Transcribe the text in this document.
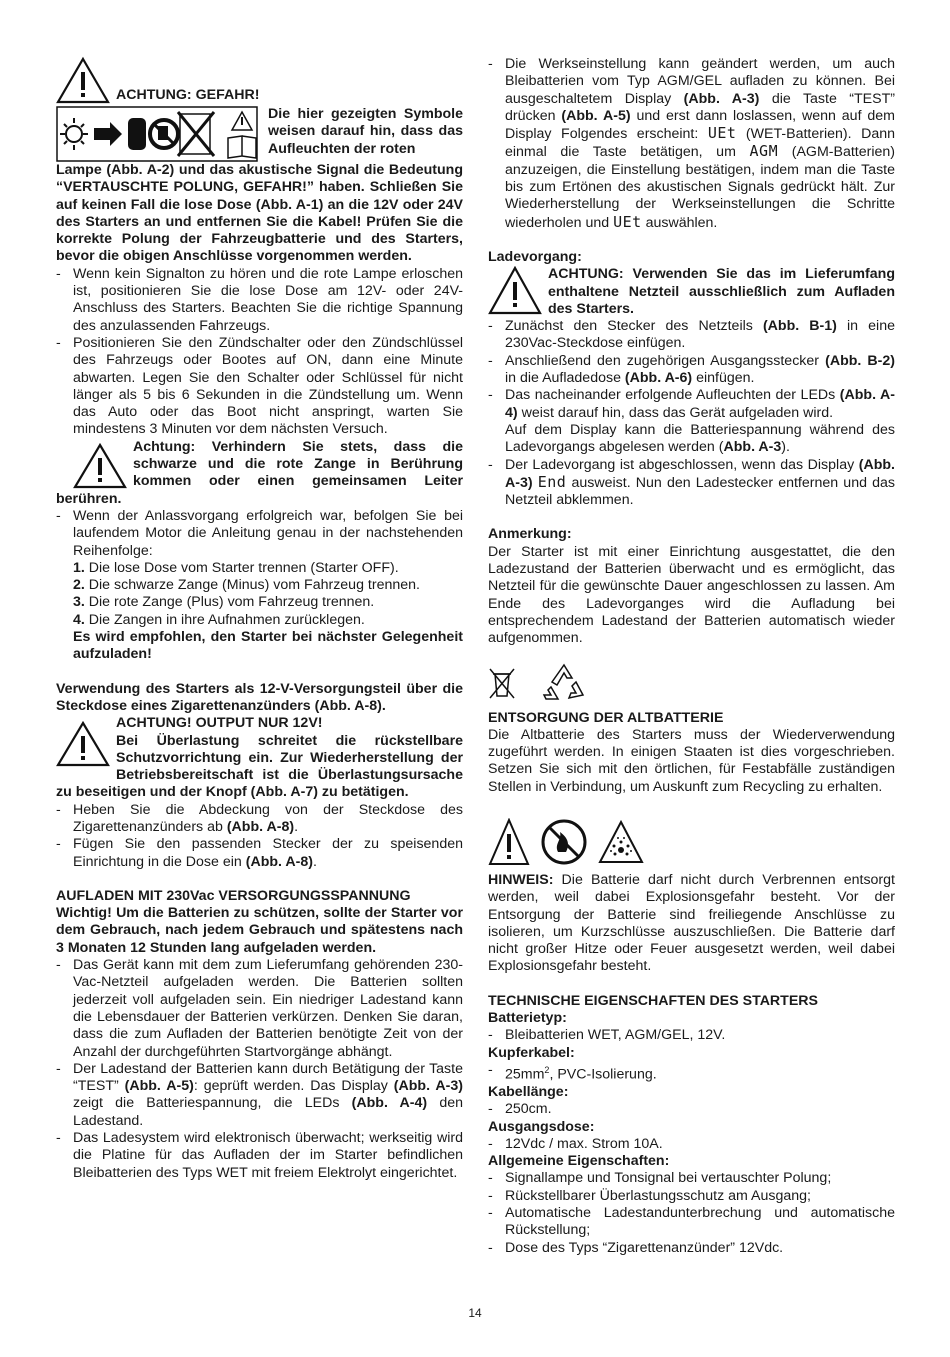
ACHTUNG: GEFAHR!

Die hier gezeigten Symbole weisen darauf hin, dass das Aufleuchten der roten

Lampe (Abb. A-2) und das akustische Signal die Bedeutung “VERTAUSCHTE POLUNG, GEFAHR!” haben. Schließen Sie auf keinen Fall die lose Dose (Abb. A-1) an die 12V oder 24V des Starters an und entfernen Sie die Kabel! Prüfen Sie die korrekte Polung der Fahrzeugbatterie und des Starters, bevor die obigen Anschlüsse vorgenommen werden.

- Wenn kein Signalton zu hören und die rote Lampe erloschen ist, positionieren Sie die lose Dose am 12V- oder 24V-Anschluss des Starters. Beachten Sie die richtige Spannung des anzulassenden Fahrzeugs.
- Positionieren Sie den Zündschalter oder den Zündschlüssel des Fahrzeugs oder Bootes auf ON, dann eine Minute abwarten. Legen Sie den Schalter oder Schlüssel für nicht länger als 5 bis 6 Sekunden in die Zündstellung um. Wenn das Auto oder das Boot nicht anspringt, warten Sie mindestens 3 Minuten vor dem nächsten Versuch.

Achtung: Verhindern Sie stets, dass die schwarze und die rote Zange in Berührung kommen oder einen gemeinsamen Leiter berühren.

- Wenn der Anlassvorgang erfolgreich war, befolgen Sie bei laufendem Motor die Anleitung genau in der nachstehenden Reihenfolge:

1. Die lose Dose vom Starter trennen (Starter OFF).

2. Die schwarze Zange (Minus) vom Fahrzeug trennen.

3. Die rote Zange (Plus) vom Fahrzeug trennen.

4. Die Zangen in ihre Aufnahmen zurücklegen.

Es wird empfohlen, den Starter bei nächster Gelegenheit aufzuladen!

Verwendung des Starters als 12-V-Versorgungsteil über die Steckdose eines Zigarettenanzünders (Abb. A-8).

ACHTUNG! OUTPUT NUR 12V!

Bei Überlastung schreitet die rückstellbare Schutzvorrichtung ein. Zur Wiederherstellung der Betriebsbereitschaft ist die Überlastungsursache zu beseitigen und der Knopf (Abb. A-7) zu betätigen.

- Heben Sie die Abdeckung von der Steckdose des Zigarettenanzünders ab (Abb. A-8).
- Fügen Sie den passenden Stecker der zu speisenden Einrichtung in die Dose ein (Abb. A-8).

AUFLADEN MIT 230Vac VERSORGUNGSSPANNUNG

Wichtig! Um die Batterien zu schützen, sollte der Starter vor dem Gebrauch, nach jedem Gebrauch und spätestens nach 3 Monaten 12 Stunden lang aufgeladen werden.

- Das Gerät kann mit dem zum Lieferumfang gehörenden 230-Vac-Netzteil aufgeladen werden. Die Batterien sollten jederzeit voll aufgeladen sein. Ein niedriger Ladestand kann die Lebensdauer der Batterien verkürzen. Denken Sie daran, dass die zum Aufladen der Batterien benötigte Zeit von der Anzahl der durchgeführten Startvorgänge abhängt.
- Der Ladestand der Batterien kann durch Betätigung der Taste “TEST” (Abb. A-5): geprüft werden. Das Display (Abb. A-3) zeigt die Batteriespannung, die LEDs (Abb. A-4) den Ladestand.
- Das Ladesystem wird elektronisch überwacht; werkseitig wird die Platine für das Aufladen der im Starter befindlichen Bleibatterien des Typs WET mit freiem Elektrolyt eingerichtet.
- Die Werkseinstellung kann geändert werden, um auch Bleibatterien vom Typ AGM/GEL aufladen zu können. Bei ausgeschaltetem Display (Abb. A-3) die Taste “TEST” drücken (Abb. A-5) und erst dann loslassen, wenn auf dem Display Folgendes erscheint: UEt (WET-Batterien). Dann einmal die Taste betätigen, um AGM (AGM-Batterien) anzuzeigen, die Einstellung bestätigen, indem man die Taste bis zum Ertönen des akustischen Signals gedrückt hält. Zur Wiederherstellung der Werkseinstellungen die Schritte wiederholen und UEt auswählen.

Ladevorgang:

ACHTUNG: Verwenden Sie das im Lieferumfang enthaltene Netzteil ausschließlich zum Aufladen des Starters.

- Zunächst den Stecker des Netzteils (Abb. B-1) in eine 230Vac-Steckdose einfügen.
- Anschließend den zugehörigen Ausgangsstecker (Abb. B-2) in die Aufladedose (Abb. A-6) einfügen.
- Das nacheinander erfolgende Aufleuchten der LEDs (Abb. A-4) weist darauf hin, dass das Gerät aufgeladen wird.

Auf dem Display kann die Batteriespannung während des Ladevorgangs abgelesen werden (Abb. A-3).

- Der Ladevorgang ist abgeschlossen, wenn das Display (Abb. A-3) End ausweist. Nun den Ladestecker entfernen und das Netzteil abklemmen.

Anmerkung:

Der Starter ist mit einer Einrichtung ausgestattet, die den Ladezustand der Batterien überwacht und es ermöglicht, das Netzteil für die gewünschte Dauer angeschlossen zu lassen. Am Ende des Ladevorganges wird die Aufladung bei entsprechendem Ladestand der Batterien automatisch wieder aufgenommen.

ENTSORGUNG DER ALTBATTERIE

Die Altbatterie des Starters muss der Wiederverwendung zugeführt werden. In einigen Staaten ist dies vorgeschrieben. Setzen Sie sich mit den örtlichen, für Festabfälle zuständigen Stellen in Verbindung, um Auskunft zum Recycling zu erhalten.

HINWEIS: Die Batterie darf nicht durch Verbrennen entsorgt werden, weil dabei Explosionsgefahr besteht. Vor der Entsorgung der Batterie sind freiliegende Anschlüsse zu isolieren, um Kurzschlüsse auszuschließen. Die Batterie darf nicht großer Hitze oder Feuer ausgesetzt werden, weil dabei Explosionsgefahr besteht.

TECHNISCHE EIGENSCHAFTEN DES STARTERS

Batterietyp:

- Bleibatterien WET, AGM/GEL, 12V.

Kupferkabel:

- $25mm^2$, PVC-Isolierung.

Kabellänge:

- 250cm.

Ausgangsdose:

- 12Vdc / max. Strom 10A.

Allgemeine Eigenschaften:

- Signallampe und Tonsignal bei vertauschter Polung;
- Rückstellbarer Überlastungsschutz am Ausgang;
- Automatische Ladestandunterbrechung und automatische Rückstellung;
- Dose des Typs “Zigarettenanzünder” 12Vdc.
14
